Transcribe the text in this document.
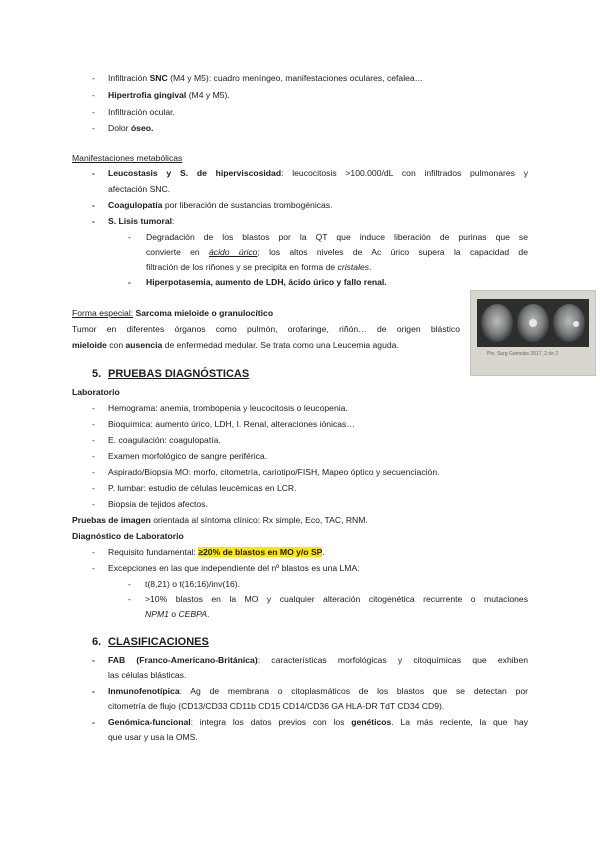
- Infiltración SNC (M4 y M5): cuadro meníngeo, manifestaciones oculares, cefalea…
- Hipertrofia gingival (M4 y M5).
- Infiltración ocular.
- Dolor óseo.
Manifestaciones metabólicas
- Leucostasis y S. de hiperviscosidad: leucocitosis >100.000/dL con infiltrados pulmonares y
afectación SNC.
- Coagulopatía por liberación de sustancias trombogénicas.
- S. Lisis tumoral:
- Degradación de los blastos por la QT que induce liberación de purinas que se
convierte en ácido úrico; los altos niveles de Ac úrico supera la capacidad de
filtración de los riñones y se precipita en forma de cristales.
- Hiperpotasemia, aumento de LDH, ácido úrico y fallo renal.
Forma especial: Sarcoma mieloide o granulocítico
Tumor en diferentes órganos como pulmón, orofaringe, riñón… de origen blástico
mieloide con ausencia de enfermedad medular. Se trata como una Leucemia aguda.
Pin, Surg Gamolas 2017, 2 de 2
5. PRUEBAS DIAGNÓSTICAS
Laboratorio
- Hemograma: anemia, trombopenia y leucocitosis o leucopenia.
- Bioquímica: aumento úrico, LDH, I. Renal, alteraciones iónicas…
- E. coagulación: coagulopatía.
- Examen morfológico de sangre periférica.
- Aspirado/Biopsia MO: morfo, citometría, cariotipo/FISH, Mapeo óptico y secuenciación.
- P. lumbar: estudio de células leucémicas en LCR.
- Biopsia de tejidos afectos.
Pruebas de imagen orientada al síntoma clínico: Rx simple, Eco, TAC, RNM.
Diagnóstico de Laboratorio
- Requisito fundamental: ≥20% de blastos en MO y/o SP.
- Excepciones en las que independiente del nº blastos es una LMA:
- t(8,21) o t(16;16)/inv(16).
- >10% blastos en la MO y cualquier alteración citogenética recurrente o mutaciones
NPM1 o CEBPA.
6. CLASIFICACIONES
- FAB (Franco-Americano-Británica): características morfológicas y citoquímicas que exhiben
las células blásticas.
- Inmunofenotípica: Ag de membrana o citoplasmáticos de los blastos que se detectan por
citometría de flujo (CD13/CD33 CD11b CD15 CD14/CD36 GA HLA-DR TdT CD34 CD9).
- Genómica-funcional: integra los datos previos con los genéticos. La más reciente, la que hay
que usar y usa la OMS.
